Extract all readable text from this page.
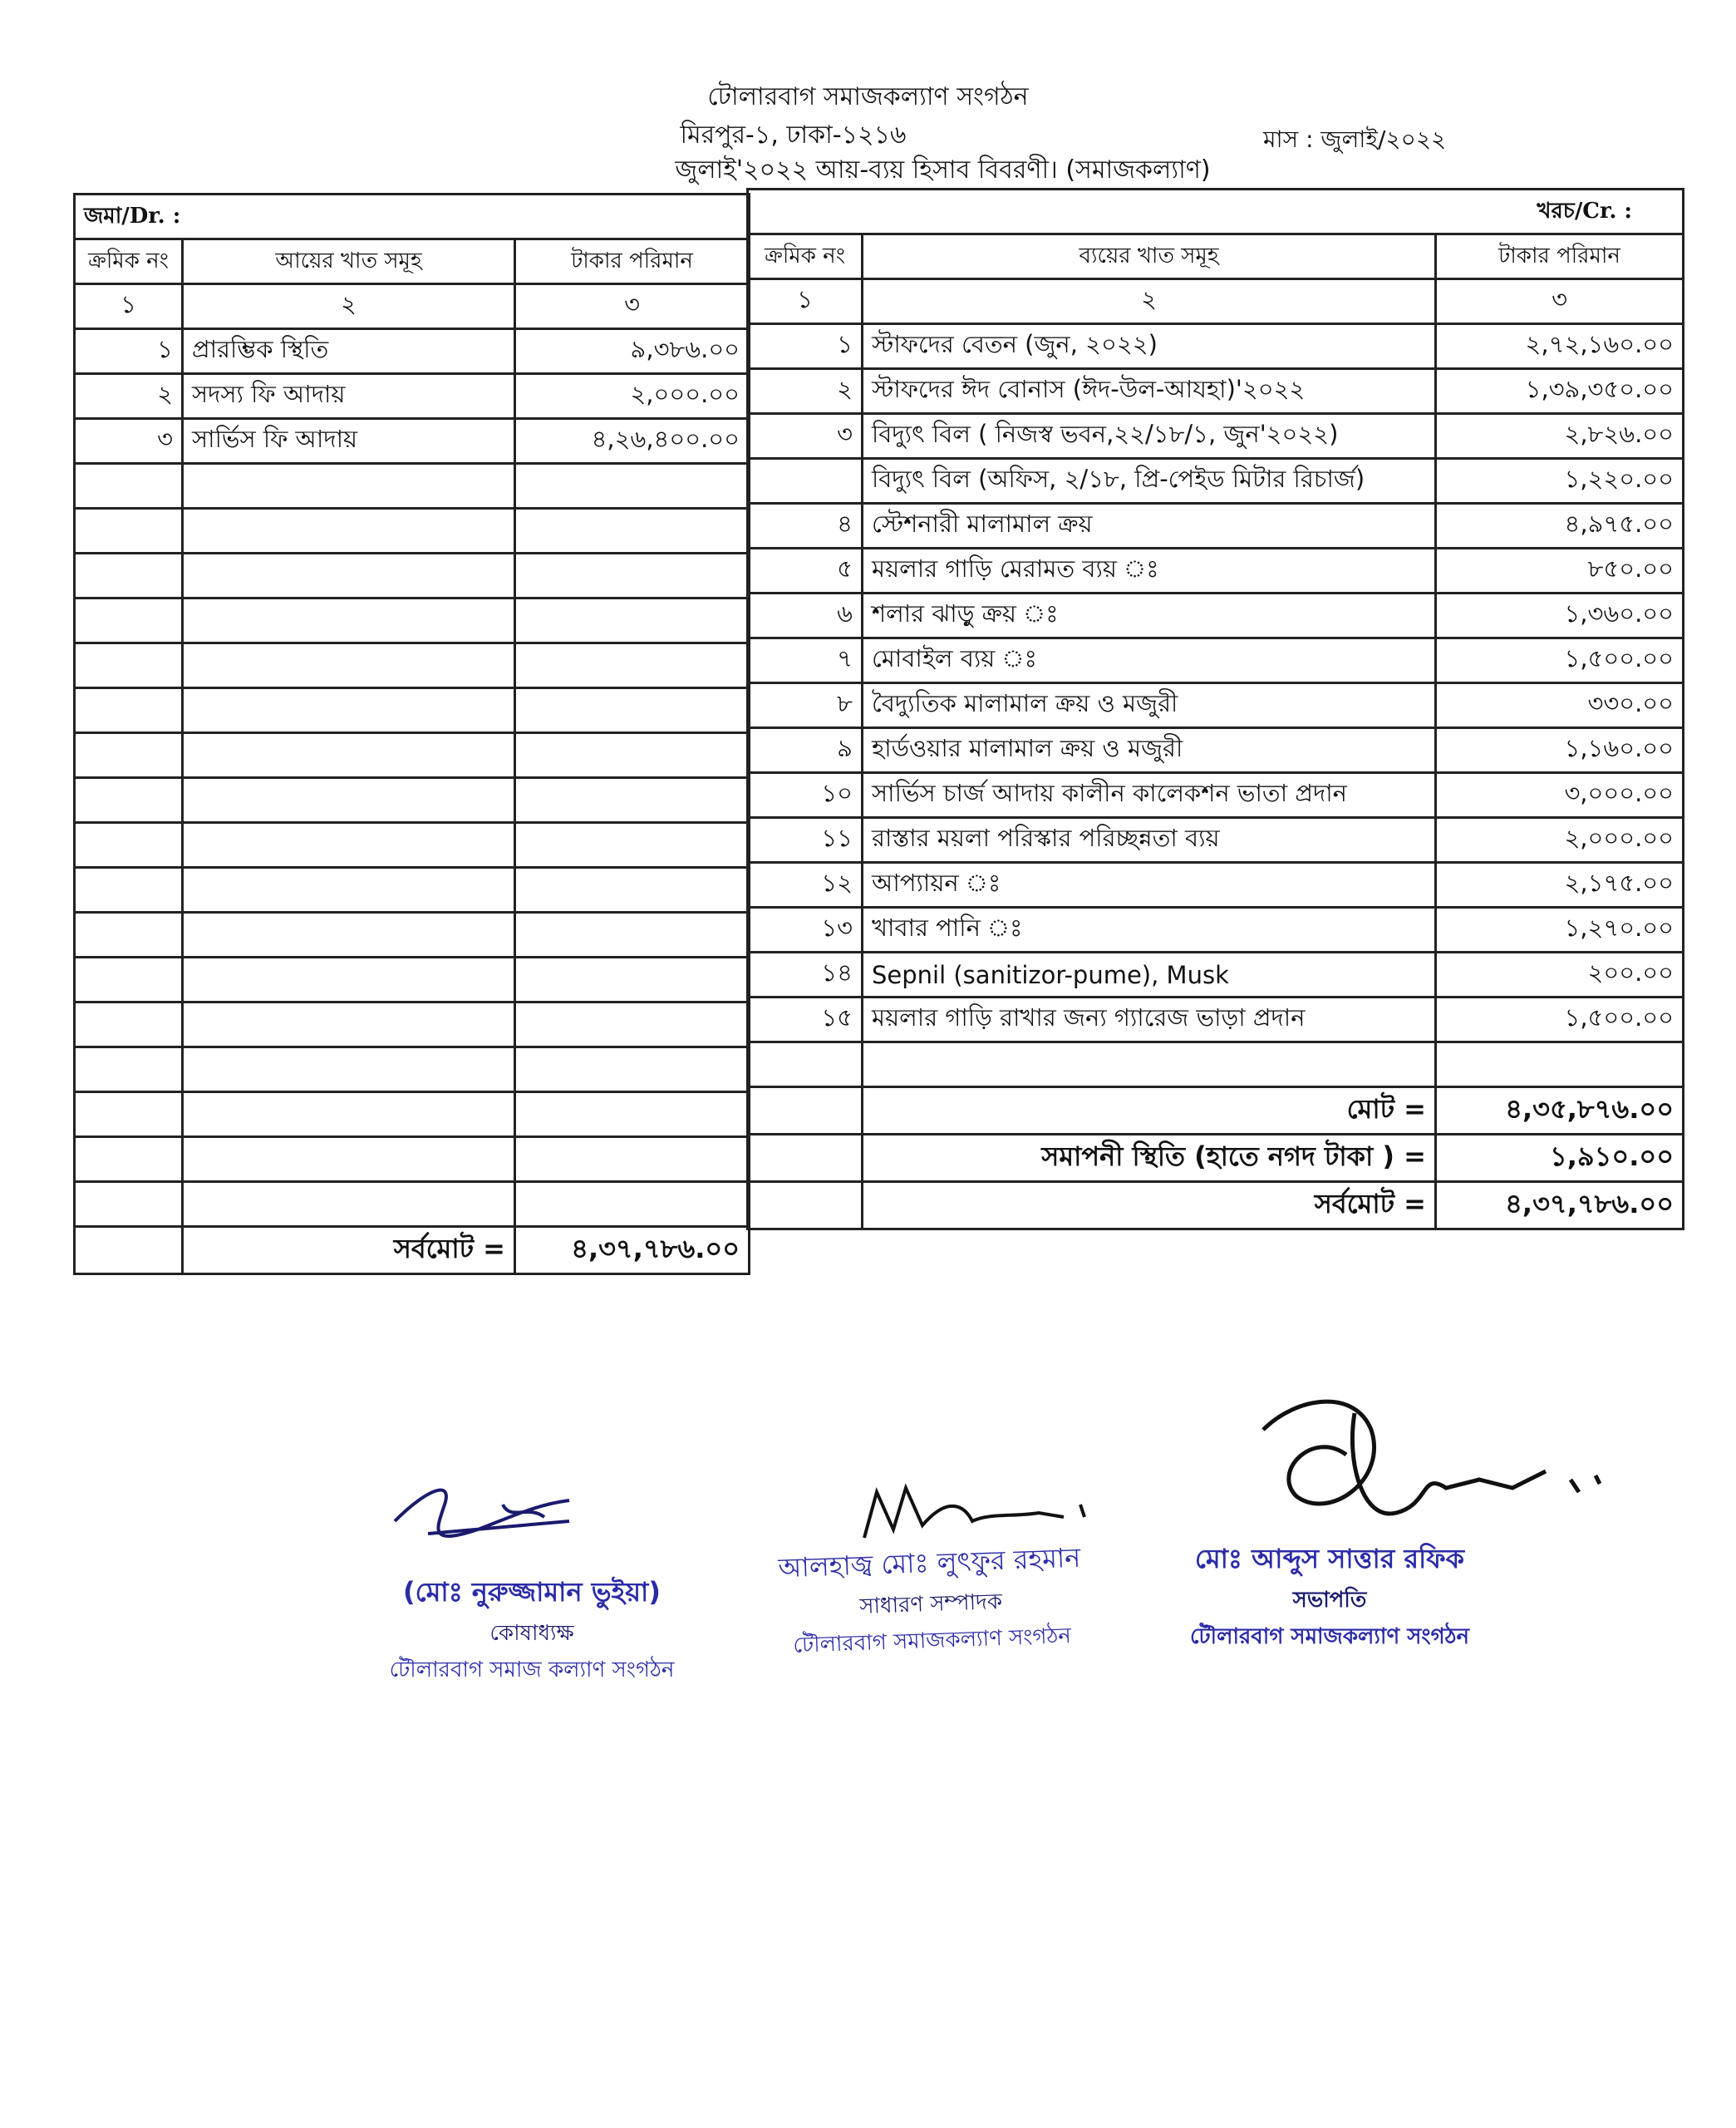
টোলারবাগ সমাজকল্যাণ সংগঠন
মিরপুর-১, ঢাকা-১২১৬	মাস : জুলাই/২০২২
জুলাই'২০২২ আয়-ব্যয় হিসাব বিবরণী। (সমাজকল্যাণ)
জমা/Dr. :		
ক্রমিক নং	আয়ের খাত সমূহ	টাকার পরিমান
১	২	৩
১	প্রারম্ভিক স্থিতি	৯,৩৮৬.০০
২	সদস্য ফি আদায়	২,০০০.০০
৩	সার্ভিস ফি আদায়	৪,২৬,৪০০.০০

	সর্বমোট =	৪,৩৭,৭৮৬.০০
খরচ/Cr. :		
ক্রমিক নং	ব্যয়ের খাত সমূহ	টাকার পরিমান
১	২	৩
১	স্টাফদের বেতন (জুন, ২০২২)	২,৭২,১৬০.০০
২	স্টাফদের ঈদ বোনাস (ঈদ-উল-আযহা)'২০২২	১,৩৯,৩৫০.০০
৩	বিদ্যুৎ বিল ( নিজস্ব ভবন,২২/১৮/১, জুন'২০২২)	২,৮২৬.০০
	বিদ্যুৎ বিল (অফিস, ২/১৮, প্রি-পেইড মিটার রিচার্জ)	১,২২০.০০
৪	স্টেশনারী মালামাল ক্রয়	৪,৯৭৫.০০
৫	ময়লার গাড়ি মেরামত ব্যয় ঃ	৮৫০.০০
৬	শলার ঝাড়ু ক্রয় ঃ	১,৩৬০.০০
৭	মোবাইল ব্যয় ঃ	১,৫০০.০০
৮	বৈদ্যুতিক মালামাল ক্রয় ও মজুরী	৩৩০.০০
৯	হার্ডওয়ার মালামাল ক্রয় ও মজুরী	১,১৬০.০০
১০	সার্ভিস চার্জ আদায় কালীন কালেকশন ভাতা প্রদান	৩,০০০.০০
১১	রাস্তার ময়লা পরিস্কার পরিচ্ছন্নতা ব্যয়	২,০০০.০০
১২	আপ্যায়ন ঃ	২,১৭৫.০০
১৩	খাবার পানি ঃ	১,২৭০.০০
১৪	Sepnil (sanitizor-pume), Musk	২০০.০০
১৫	ময়লার গাড়ি রাখার জন্য গ্যারেজ ভাড়া প্রদান	১,৫০০.০০

	মোট =	৪,৩৫,৮৭৬.০০
	সমাপনী স্থিতি (হাতে নগদ টাকা ) =	১,৯১০.০০
	সর্বমোট =	৪,৩৭,৭৮৬.০০
(মোঃ নুরুজ্জামান ভুইয়া)
কোষাধ্যক্ষ
টৌলারবাগ সমাজ কল্যাণ সংগঠন
আলহাজ্ব মোঃ লুৎফুর রহমান
সাধারণ সম্পাদক
টৌলারবাগ সমাজকল্যাণ সংগঠন
মোঃ আব্দুস সাত্তার রফিক
সভাপতি
টৌলারবাগ সমাজকল্যাণ সংগঠন
